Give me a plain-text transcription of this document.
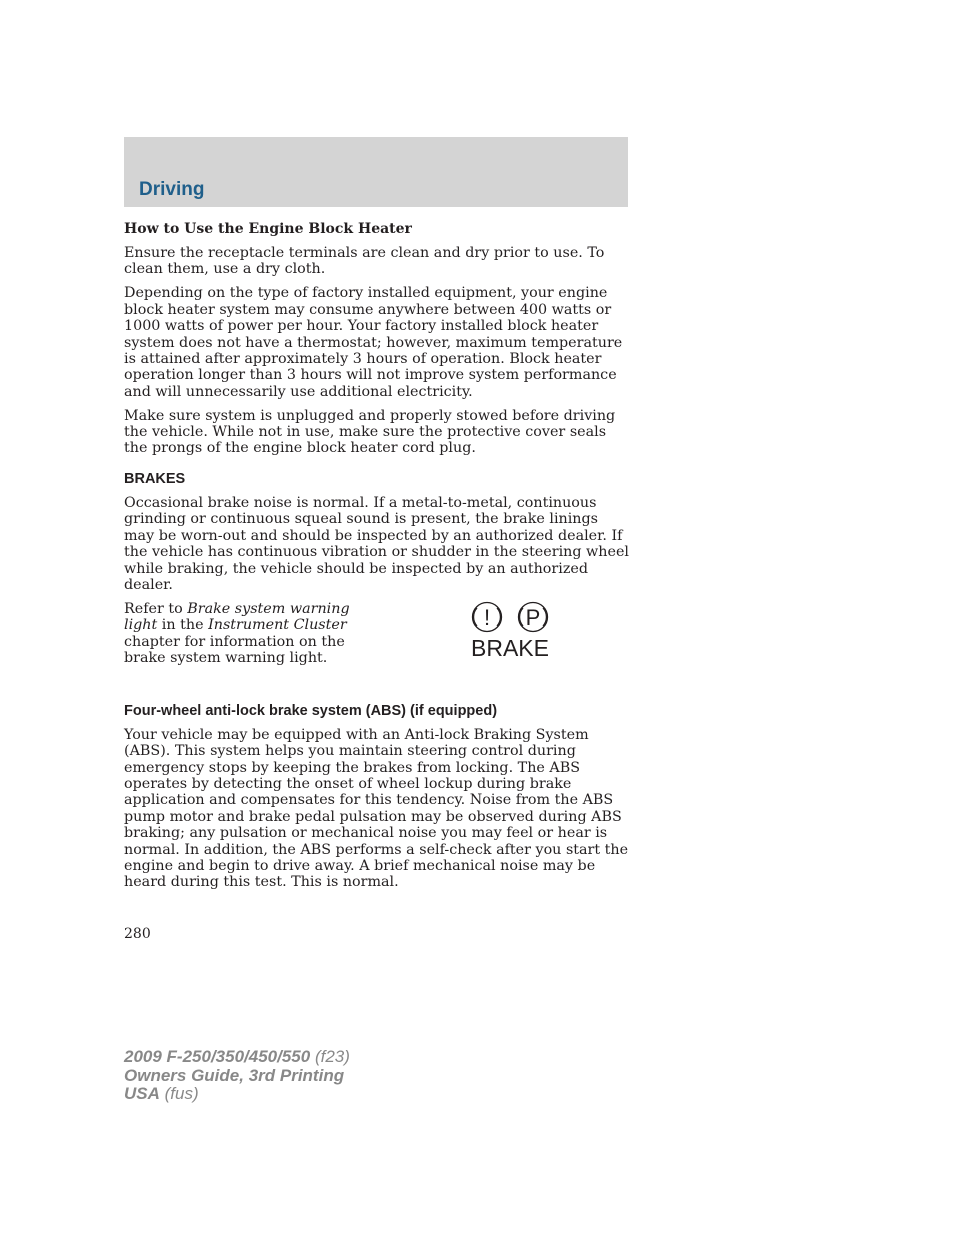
Driving
How to Use the Engine Block Heater

Ensure the receptacle terminals are clean and dry prior to use. To clean them, use a dry cloth.

Depending on the type of factory installed equipment, your engine block heater system may consume anywhere between 400 watts or 1000 watts of power per hour. Your factory installed block heater system does not have a thermostat; however, maximum temperature is attained after approximately 3 hours of operation. Block heater operation longer than 3 hours will not improve system performance and will unnecessarily use additional electricity.

Make sure system is unplugged and properly stowed before driving the vehicle. While not in use, make sure the protective cover seals the prongs of the engine block heater cord plug.

BRAKES

Occasional brake noise is normal. If a metal-to-metal, continuous grinding or continuous squeal sound is present, the brake linings may be worn-out and should be inspected by an authorized dealer. If the vehicle has continuous vibration or shudder in the steering wheel while braking, the vehicle should be inspected by an authorized dealer.

Refer to Brake system warning light in the Instrument Cluster chapter for information on the brake system warning light.

! P
BRAKE
Four-wheel anti-lock brake system (ABS) (if equipped)

Your vehicle may be equipped with an Anti-lock Braking System (ABS). This system helps you maintain steering control during emergency stops by keeping the brakes from locking. The ABS operates by detecting the onset of wheel lockup during brake application and compensates for this tendency. Noise from the ABS pump motor and brake pedal pulsation may be observed during ABS braking; any pulsation or mechanical noise you may feel or hear is normal. In addition, the ABS performs a self-check after you start the engine and begin to drive away. A brief mechanical noise may be heard during this test. This is normal.

280
2009 F-250/350/450/550 (f23)
Owners Guide, 3rd Printing
USA (fus)
